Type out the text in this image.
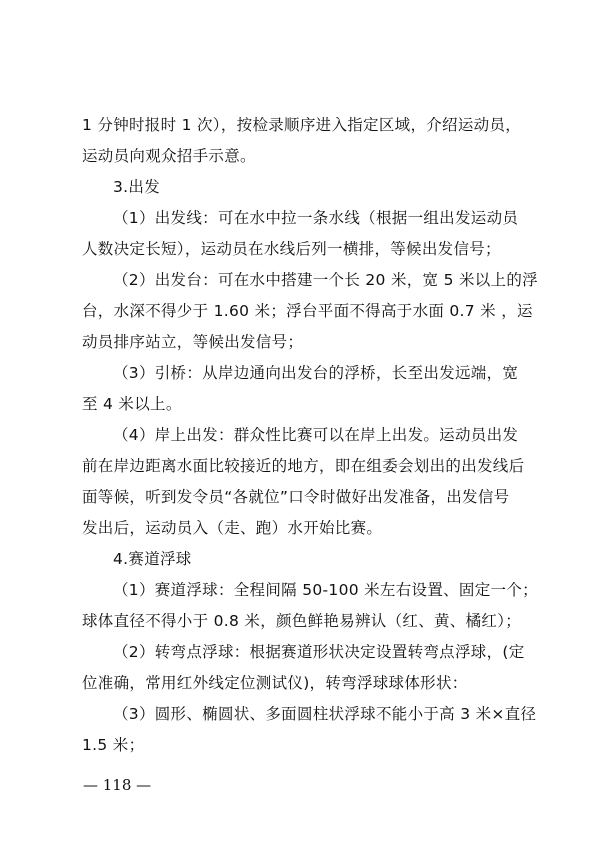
1 分钟时报时 1 次），按检录顺序进入指定区域，介绍运动员，
运动员向观众招手示意。
3.出发
（1）出发线：可在水中拉一条水线（根据一组出发运动员
人数决定长短），运动员在水线后列一横排，等候出发信号；
（2）出发台：可在水中搭建一个长 20 米，宽 5 米以上的浮
台，水深不得少于 1.60 米；浮台平面不得高于水面 0.7 米 ，运
动员排序站立，等候出发信号；
（3）引桥：从岸边通向出发台的浮桥，长至出发远端，宽
至 4 米以上。
（4）岸上出发：群众性比赛可以在岸上出发。运动员出发
前在岸边距离水面比较接近的地方，即在组委会划出的出发线后
面等候，听到发令员“各就位”口令时做好出发准备，出发信号
发出后，运动员入（走、跑）水开始比赛。
4.赛道浮球
（1）赛道浮球：全程间隔 50-100 米左右设置、固定一个；
球体直径不得小于 0.8 米，颜色鲜艳易辨认（红、黄、橘红）；
（2）转弯点浮球：根据赛道形状决定设置转弯点浮球，(定
位准确，常用红外线定位测试仪)，转弯浮球球体形状：
（3）圆形、椭圆状、多面圆柱状浮球不能小于高 3 米×直径
1.5 米；
— 118 —
